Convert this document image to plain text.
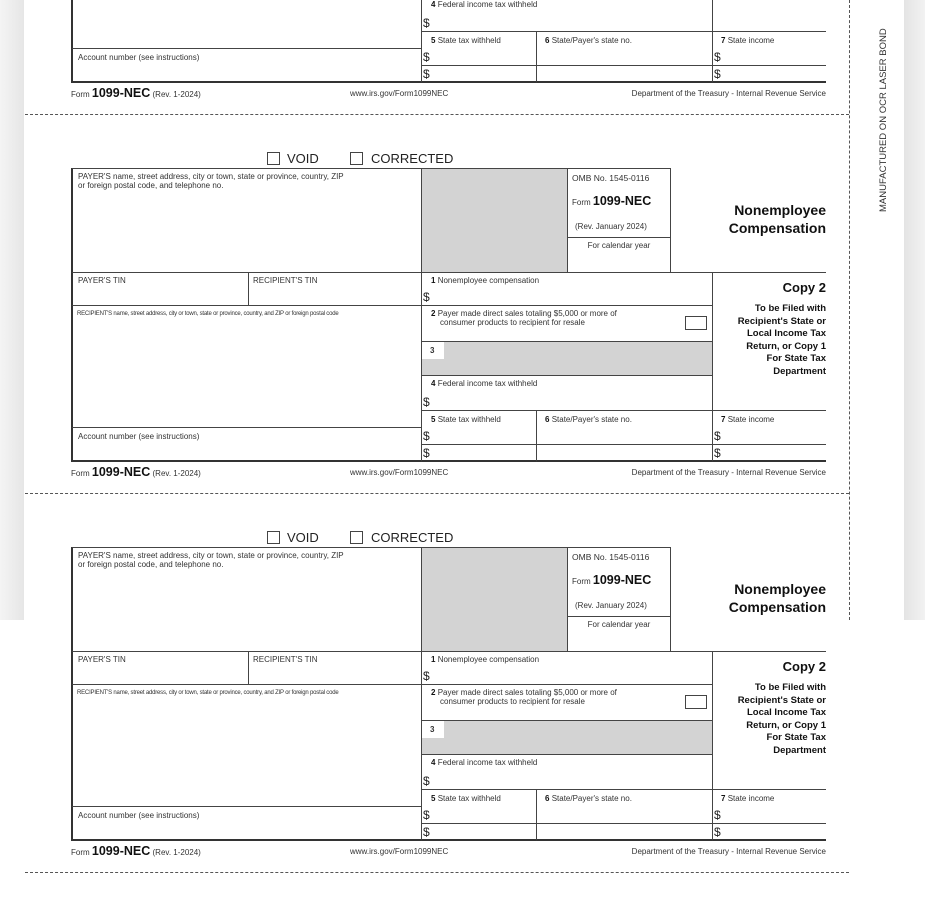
MANUFACTURED ON OCR LASER BOND
VOID	CORRECTED
PAYER'S name, street address, city or town, state or province, country, ZIP
or foreign postal code, and telephone no.
OMB No. 1545-0116
Form 1099-NEC
(Rev. January 2024)
For calendar year
Nonemployee
Compensation
PAYER'S TIN	RECIPIENT'S TIN
RECIPIENT'S name, street address, city or town, state or province, country, and ZIP or foreign postal code
Account number (see instructions)
1 Nonemployee compensation
$
2 Payer made direct sales totaling $5,000 or more of
consumer products to recipient for resale
3
4 Federal income tax withheld
$
Copy 2
To be Filed with
Recipient's State or
Local Income Tax
Return, or Copy 1
For State Tax
Department
5 State tax withheld
$
$
6 State/Payer's state no.	7 State income
$
$
Form 1099-NEC (Rev. 1-2024)	www.irs.gov/Form1099NEC	Department of the Treasury - Internal Revenue Service
Account number (see instructions)
4 Federal income tax withheld
$
5 State tax withheld
$
$
6 State/Payer's state no.	7 State income
$
$
Form 1099-NEC (Rev. 1-2024)	www.irs.gov/Form1099NEC	Department of the Treasury - Internal Revenue Service
VOID	CORRECTED
PAYER'S name, street address, city or town, state or province, country, ZIP
or foreign postal code, and telephone no.
OMB No. 1545-0116
Form 1099-NEC
(Rev. January 2024)
For calendar year
Nonemployee
Compensation
PAYER'S TIN	RECIPIENT'S TIN
RECIPIENT'S name, street address, city or town, state or province, country, and ZIP or foreign postal code
Account number (see instructions)
1 Nonemployee compensation
$
2 Payer made direct sales totaling $5,000 or more of
consumer products to recipient for resale
3
4 Federal income tax withheld
$
Copy 2
To be Filed with
Recipient's State or
Local Income Tax
Return, or Copy 1
For State Tax
Department
5 State tax withheld
$
$
6 State/Payer's state no.	7 State income
$
$
Form 1099-NEC (Rev. 1-2024)	www.irs.gov/Form1099NEC	Department of the Treasury - Internal Revenue Service
